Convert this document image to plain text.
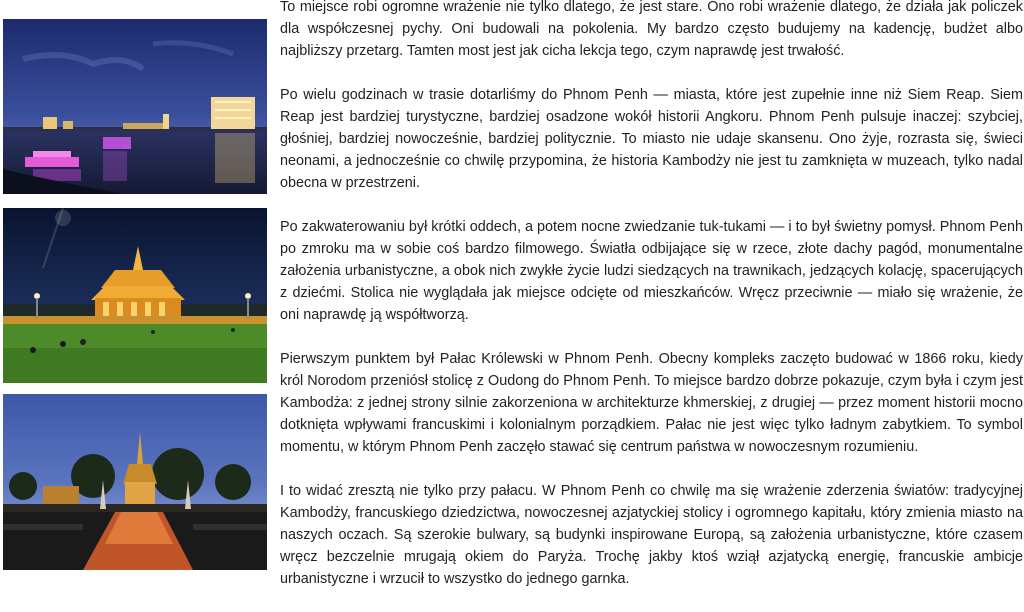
To miejsce robi ogromne wrażenie nie tylko dlatego, że jest stare. Ono robi wrażenie dlatego, że działa jak policzek dla współczesnej pychy. Oni budowali na pokolenia. My bardzo często budujemy na kadencję, budżet albo najbliższy przetarg. Tamten most jest jak cicha lekcja tego, czym naprawdę jest trwałość.

Po wielu godzinach w trasie dotarliśmy do Phnom Penh — miasta, które jest zupełnie inne niż Siem Reap. Siem Reap jest bardziej turystyczne, bardziej osadzone wokół historii Angkoru. Phnom Penh pulsuje inaczej: szybciej, głośniej, bardziej nowocześnie, bardziej politycznie. To miasto nie udaje skansenu. Ono żyje, rozrasta się, świeci neonami, a jednocześnie co chwilę przypomina, że historia Kambodży nie jest tu zamknięta w muzeach, tylko nadal obecna w przestrzeni.

Po zakwaterowaniu był krótki oddech, a potem nocne zwiedzanie tuk-tukami — i to był świetny pomysł. Phnom Penh po zmroku ma w sobie coś bardzo filmowego. Światła odbijające się w rzece, złote dachy pagód, monumentalne założenia urbanistyczne, a obok nich zwykłe życie ludzi siedzących na trawnikach, jedzących kolację, spacerujących z dziećmi. Stolica nie wyglądała jak miejsce odcięte od mieszkańców. Wręcz przeciwnie — miało się wrażenie, że oni naprawdę ją współtworzą.

Pierwszym punktem był Pałac Królewski w Phnom Penh. Obecny kompleks zaczęto budować w 1866 roku, kiedy król Norodom przeniósł stolicę z Oudong do Phnom Penh. To miejsce bardzo dobrze pokazuje, czym była i czym jest Kambodża: z jednej strony silnie zakorzeniona w architekturze khmerskiej, z drugiej — przez moment historii mocno dotknięta wpływami francuskimi i kolonialnym porządkiem. Pałac nie jest więc tylko ładnym zabytkiem. To symbol momentu, w którym Phnom Penh zaczęło stawać się centrum państwa w nowoczesnym rozumieniu.

I to widać zresztą nie tylko przy pałacu. W Phnom Penh co chwilę ma się wrażenie zderzenia światów: tradycyjnej Kambodży, francuskiego dziedzictwa, nowoczesnej azjatyckiej stolicy i ogromnego kapitału, który zmienia miasto na naszych oczach. Są szerokie bulwary, są budynki inspirowane Europą, są założenia urbanistyczne, które czasem wręcz bezczelnie mrugają okiem do Paryża. Trochę jakby ktoś wziął azjatycką energię, francuskie ambicje urbanistyczne i wrzucił to wszystko do jednego garnka.
